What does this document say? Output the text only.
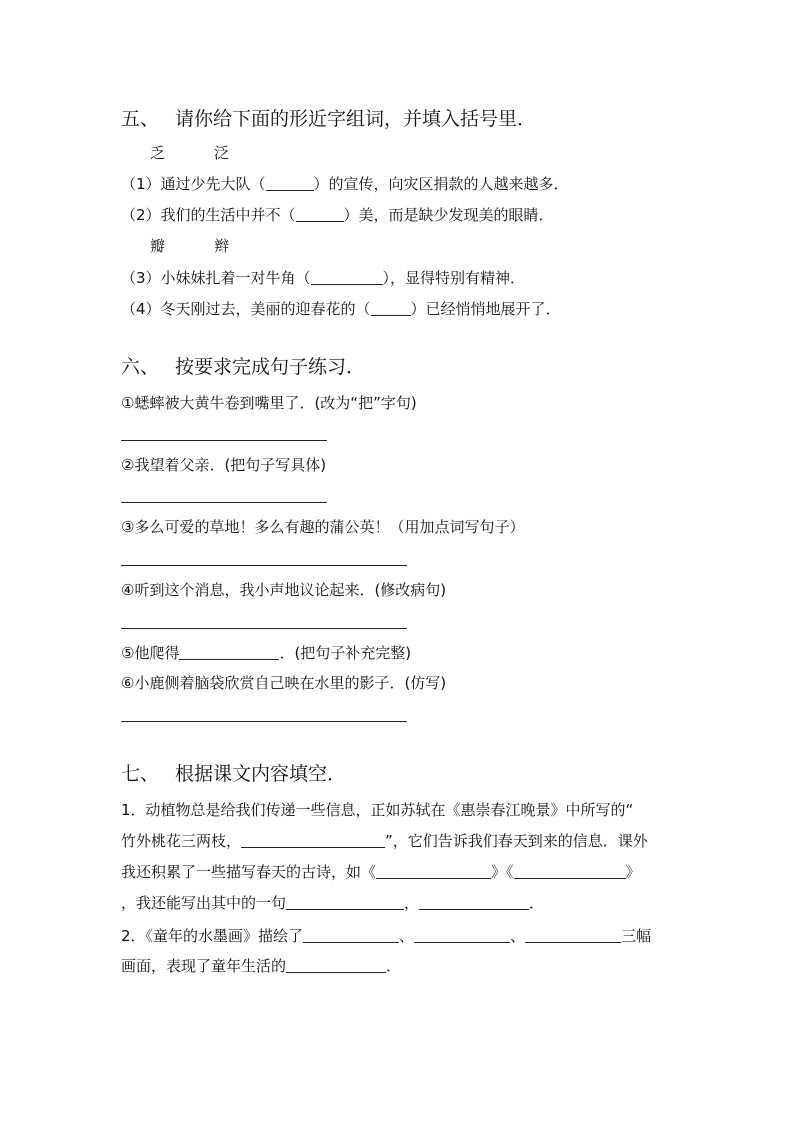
五、 请你给下面的形近字组词，并填入括号里．
乏	泛
（1）通过少先大队（	）的宣传，向灾区捐款的人越来越多．
（2）我们的生活中并不（	）美，而是缺少发现美的眼睛．
瓣	辫
（3）小妹妹扎着一对牛角（	），显得特别有精神．
（4）冬天刚过去，美丽的迎春花的（	）已经悄悄地展开了．
六、 按要求完成句子练习．
①蟋蟀被大黄牛卷到嘴里了．(改为“把”字句)
②我望着父亲．(把句子写具体)
③多么可爱的草地！多么有趣的蒲公英！（用加点词写句子）
④听到这个消息，我小声地议论起来．(修改病句)
⑤他爬得	．(把句子补充完整)
⑥小鹿侧着脑袋欣赏自己映在水里的影子．(仿写)
七、 根据课文内容填空．
1．动植物总是给我们传递一些信息，正如苏轼在《惠崇春江晚景》中所写的“
竹外桃花三两枝，	”，它们告诉我们春天到来的信息．课外
我还积累了一些描写春天的古诗，如《	》《	》
，我还能写出其中的一句	，	．
2．《童年的水墨画》描绘了	、	、	三幅
画面，表现了童年生活的	．
